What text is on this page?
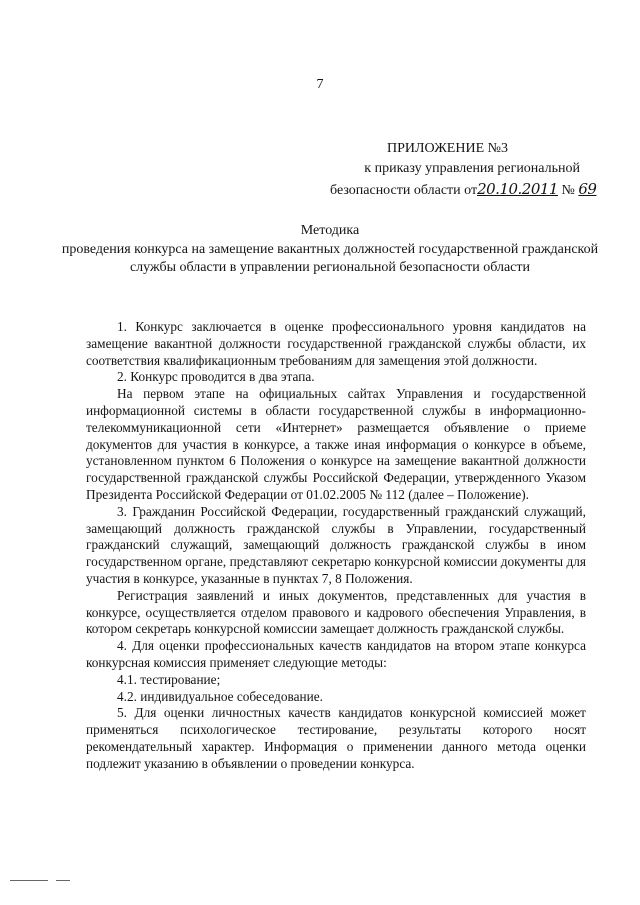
7
ПРИЛОЖЕНИЕ №3
к приказу управления региональной
безопасности области от20.10.2011 № 69
Методика
проведения конкурса на замещение вакантных должностей государственной гражданской службы области в управлении региональной безопасности области

1. Конкурс заключается в оценке профессионального уровня кандидатов на замещение вакантной должности государственной гражданской службы области, их соответствия квалификационным требованиям для замещения этой должности.

2. Конкурс проводится в два этапа.

На первом этапе на официальных сайтах Управления и государственной информационной системы в области государственной службы в информационно-телекоммуникационной сети «Интернет» размещается объявление о приеме документов для участия в конкурсе, а также иная информация о конкурсе в объеме, установленном пунктом 6 Положения о конкурсе на замещение вакантной должности государственной гражданской службы Российской Федерации, утвержденного Указом Президента Российской Федерации от 01.02.2005 № 112 (далее – Положение).

3. Гражданин Российской Федерации, государственный гражданский служащий, замещающий должность гражданской службы в Управлении, государственный гражданский служащий, замещающий должность гражданской службы в ином государственном органе, представляют секретарю конкурсной комиссии документы для участия в конкурсе, указанные в пунктах 7, 8 Положения.

Регистрация заявлений и иных документов, представленных для участия в конкурсе, осуществляется отделом правового и кадрового обеспечения Управления, в котором секретарь конкурсной комиссии замещает должность гражданской службы.

4. Для оценки профессиональных качеств кандидатов на втором этапе конкурса конкурсная комиссия применяет следующие методы:

4.1. тестирование;

4.2. индивидуальное собеседование.

5. Для оценки личностных качеств кандидатов конкурсной комиссией может применяться психологическое тестирование, результаты которого носят рекомендательный характер. Информация о применении данного метода оценки подлежит указанию в объявлении о проведении конкурса.
